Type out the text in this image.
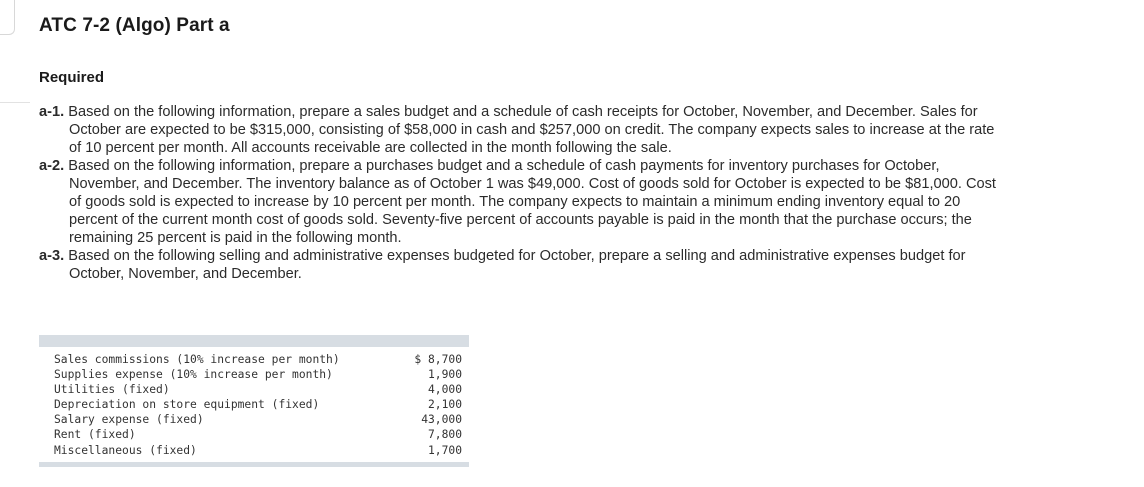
ATC 7-2 (Algo) Part a
Required
a-1. Based on the following information, prepare a sales budget and a schedule of cash receipts for October, November, and December. Sales for October are expected to be $315,000, consisting of $58,000 in cash and $257,000 on credit. The company expects sales to increase at the rate of 10 percent per month. All accounts receivable are collected in the month following the sale.
a-2. Based on the following information, prepare a purchases budget and a schedule of cash payments for inventory purchases for October, November, and December. The inventory balance as of October 1 was $49,000. Cost of goods sold for October is expected to be $81,000. Cost of goods sold is expected to increase by 10 percent per month. The company expects to maintain a minimum ending inventory equal to 20 percent of the current month cost of goods sold. Seventy-five percent of accounts payable is paid in the month that the purchase occurs; the remaining 25 percent is paid in the following month.
a-3. Based on the following selling and administrative expenses budgeted for October, prepare a selling and administrative expenses budget for October, November, and December.
Sales commissions (10% increase per month)	$ 8,700
Supplies expense (10% increase per month)	1,900
Utilities (fixed)	4,000
Depreciation on store equipment (fixed)	2,100
Salary expense (fixed)	43,000
Rent (fixed)	7,800
Miscellaneous (fixed)	1,700
